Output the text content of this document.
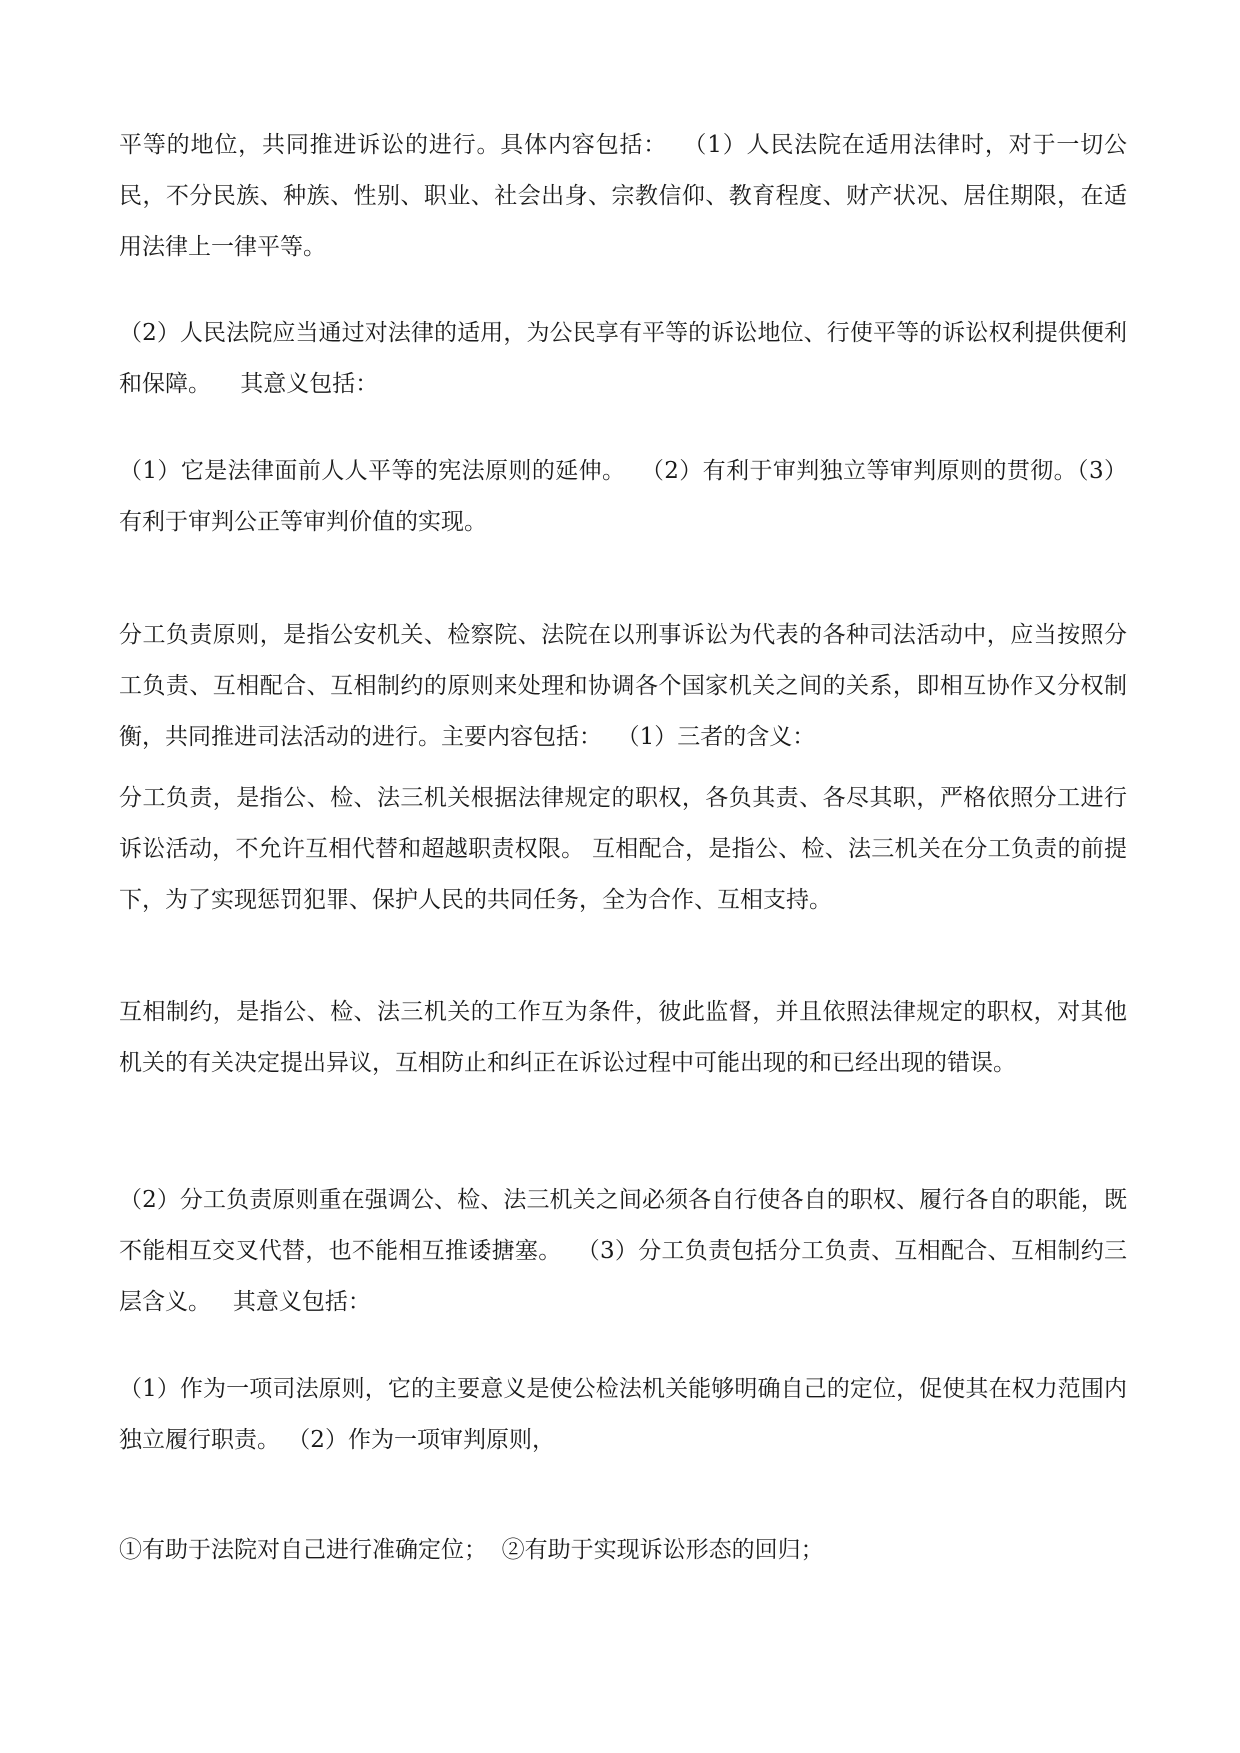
平等的地位，共同推进诉讼的进行。具体内容包括：  （1）人民法院在适用法律时，对于一切公民，不分民族、种族、性别、职业、社会出身、宗教信仰、教育程度、财产状况、居住期限，在适用法律上一律平等。

（2）人民法院应当通过对法律的适用，为公民享有平等的诉讼地位、行使平等的诉讼权利提供便利和保障。    其意义包括：

（1）它是法律面前人人平等的宪法原则的延伸。  （2）有利于审判独立等审判原则的贯彻。（3）有利于审判公正等审判价值的实现。

分工负责原则，是指公安机关、检察院、法院在以刑事诉讼为代表的各种司法活动中，应当按照分工负责、互相配合、互相制约的原则来处理和协调各个国家机关之间的关系，即相互协作又分权制衡，共同推进司法活动的进行。主要内容包括：  （1）三者的含义：

分工负责，是指公、检、法三机关根据法律规定的职权，各负其责、各尽其职，严格依照分工进行诉讼活动，不允许互相代替和超越职责权限。 互相配合，是指公、检、法三机关在分工负责的前提下，为了实现惩罚犯罪、保护人民的共同任务，全为合作、互相支持。

互相制约，是指公、检、法三机关的工作互为条件，彼此监督，并且依照法律规定的职权，对其他机关的有关决定提出异议，互相防止和纠正在诉讼过程中可能出现的和已经出现的错误。

（2）分工负责原则重在强调公、检、法三机关之间必须各自行使各自的职权、履行各自的职能，既不能相互交叉代替，也不能相互推诿搪塞。  （3）分工负责包括分工负责、互相配合、互相制约三层含义。   其意义包括：

（1）作为一项司法原则，它的主要意义是使公检法机关能够明确自己的定位，促使其在权力范围内独立履行职责。 （2）作为一项审判原则，

①有助于法院对自己进行准确定位；  ②有助于实现诉讼形态的回归；
